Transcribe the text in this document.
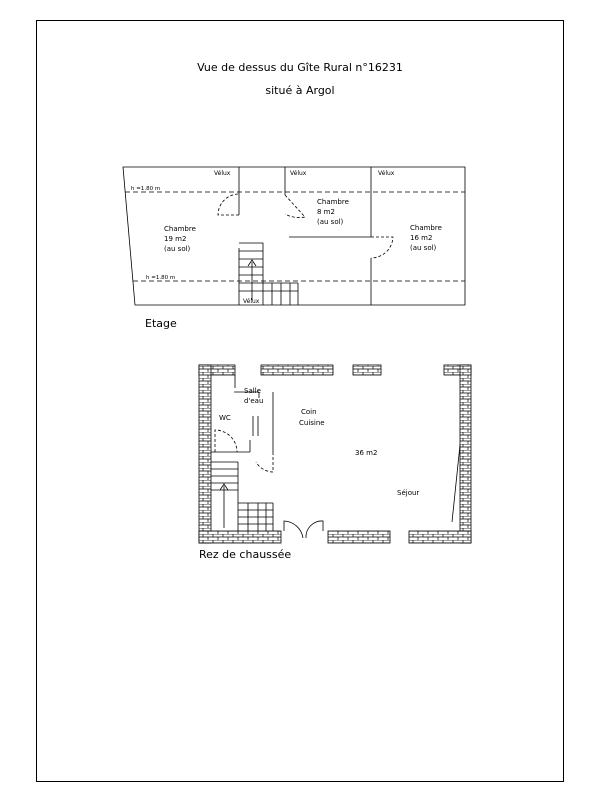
Vue de dessus du Gîte Rural n°16231
situé à Argol
Vélux	Vélux	Vélux
Vélux
h =1.80 m
h =1.80 m
Chambre
19 m2
(au sol)
Chambre
8 m2
(au sol)
Chambre
16 m2
(au sol)
Etage
Salle
d'eau
WC
Coin
Cuisine
36 m2
Séjour
Rez de chaussée
